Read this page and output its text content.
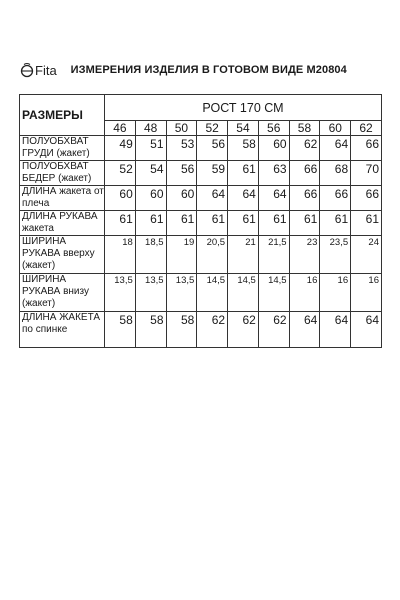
Fita ИЗМЕРЕНИЯ ИЗДЕЛИЯ В ГОТОВОМ ВИДЕ М20804
РАЗМЕРЫ	РОСТ 170 СМ								
	46	48	50	52	54	56	58	60	62
ПОЛУОБХВАТ ГРУДИ (жакет)	49	51	53	56	58	60	62	64	66
ПОЛУОБХВАТ БЕДЕР (жакет)	52	54	56	59	61	63	66	68	70
ДЛИНА жакета от плеча	60	60	60	64	64	64	66	66	66
ДЛИНА РУКАВА жакета	61	61	61	61	61	61	61	61	61
ШИРИНА РУКАВА вверху (жакет)	18	18,5	19	20,5	21	21,5	23	23,5	24
ШИРИНА РУКАВА внизу (жакет)	13,5	13,5	13,5	14,5	14,5	14,5	16	16	16
ДЛИНА ЖАКЕТА по спинке	58	58	58	62	62	62	64	64	64
